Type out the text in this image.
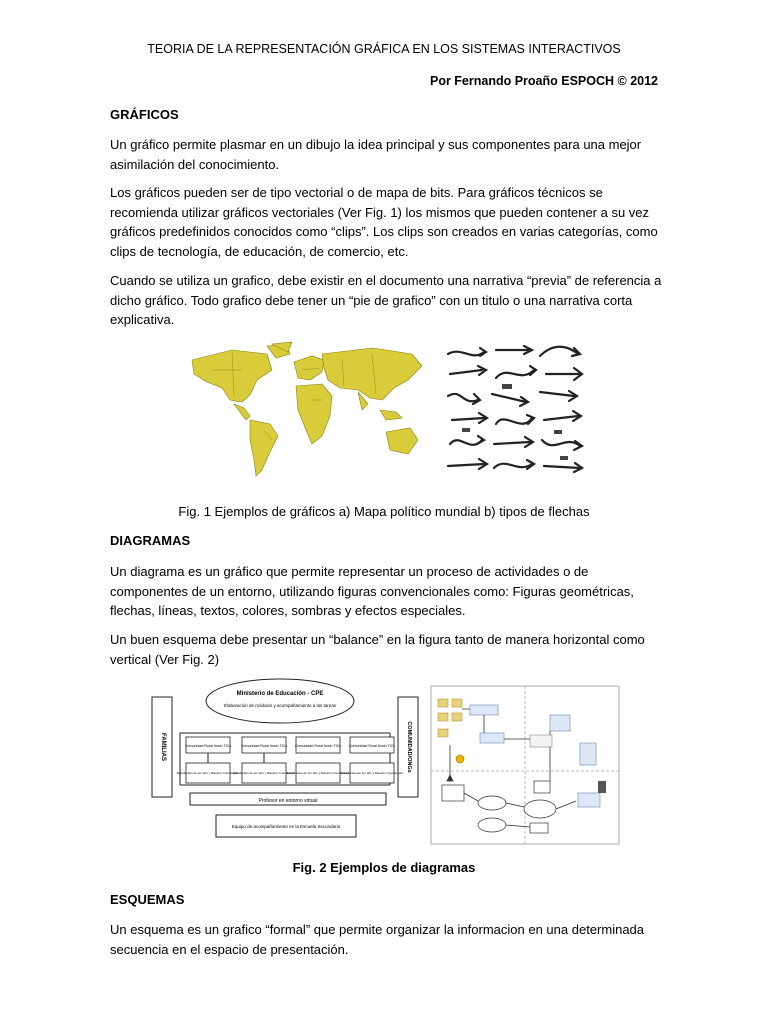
TEORIA DE LA REPRESENTACIÓN GRÁFICA EN LOS SISTEMAS INTERACTIVOS
Por Fernando Proaño ESPOCH © 2012
GRÁFICOS
Un gráfico permite plasmar en un dibujo la idea principal y sus componentes para una mejor asimilación del conocimiento.
Los gráficos pueden ser de tipo vectorial o de mapa de bits. Para gráficos técnicos se recomienda utilizar gráficos vectoriales (Ver Fig. 1) los mismos que pueden contener a su vez gráficos predefinidos conocidos como “clips”. Los clips son creados en varias categorías, como clips de tecnología, de educación, de comercio, etc.
Cuando se utiliza un grafico, debe existir en el documento una narrativa “previa” de referencia a dicho gráfico. Todo grafico debe tener un “pie de grafico” con un titulo o una narrativa corta explicativa.
Fig. 1 Ejemplos de gráficos a) Mapa político mundial b) tipos de flechas
DIAGRAMAS
Un diagrama es un gráfico que permite representar un proceso de actividades o de componentes de un entorno, utilizando figuras convencionales como: Figuras geométricas, flechas, líneas, textos, colores, sombras y efectos especiales.
Un buen esquema debe presentar un “balance” en la figura tanto de manera horizontal como vertical (Ver Fig. 2)
Ministerio de Educación - CPE
Elaboración de módulos y acompañamiento a las tareas
FAMILIAS	COMUNIDAD/ONGs
Profesor en entorno virtual
Equipo de acompañamiento en la Escuela Secundaria
Comunidad Rural Nodo TICs	Comunidad Rural Nodo TICs Comunidad Rural Nodo TICs Comunidad Rural Nodo TICs
Estudiantes de 1er año y Maestro Coordinador
Estudiantes de 1er año y Maestro Coordinador
Estudiantes de 1er año y Maestro Coordinador
Estudiantes de 1er año y Maestro Coordinador
Fig. 2 Ejemplos de diagramas
ESQUEMAS
Un esquema es un grafico “formal” que permite organizar la informacion en una determinada secuencia en el espacio de presentación.
